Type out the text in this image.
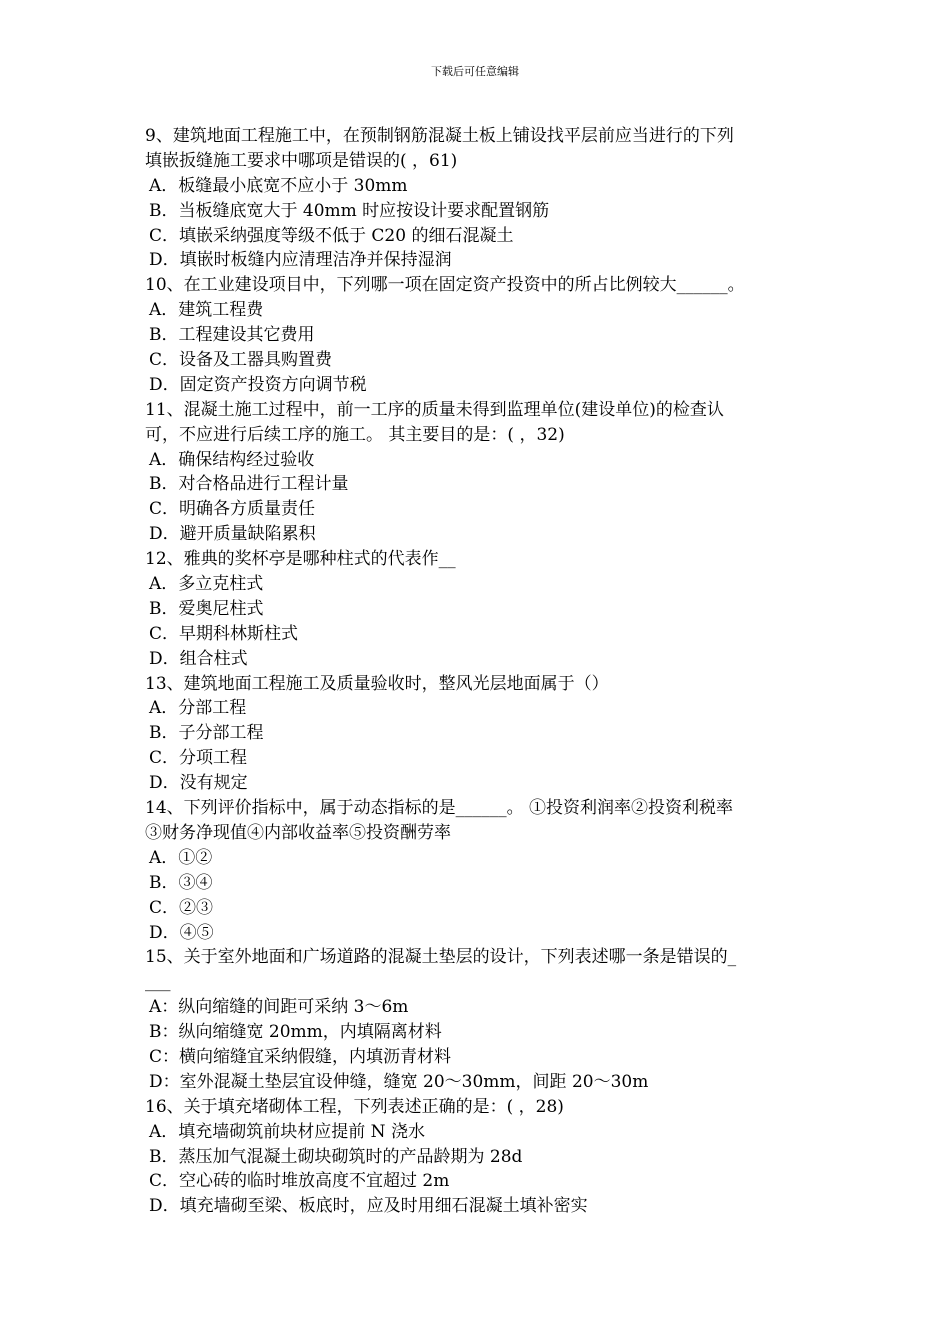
下载后可任意编辑
9、建筑地面工程施工中，在预制钢筋混凝土板上铺设找平层前应当进行的下列
填嵌扳缝施工要求中哪项是错误的( ，61)
A．板缝最小底宽不应小于 30mm
B．当板缝底宽大于 40mm 时应按设计要求配置钢筋
C．填嵌采纳强度等级不低于 C20 的细石混凝土
D．填嵌时板缝内应清理洁净并保持湿润
10、在工业建设项目中，下列哪一项在固定资产投资中的所占比例较大______。
A．建筑工程费
B．工程建设其它费用
C．设备及工器具购置费
D．固定资产投资方向调节税
11、混凝土施工过程中，前一工序的质量未得到监理单位(建设单位)的检查认
可，不应进行后续工序的施工。 其主要目的是：( ，32)
A．确保结构经过验收
B．对合格品进行工程计量
C．明确各方质量责任
D．避开质量缺陷累积
12、雅典的奖杯亭是哪种柱式的代表作__
A．多立克柱式
B．爱奥尼柱式
C．早期科林斯柱式
D．组合柱式
13、建筑地面工程施工及质量验收时，整风光层地面属于（）
A．分部工程
B．子分部工程
C．分项工程
D．没有规定
14、下列评价指标中，属于动态指标的是______。 ①投资利润率②投资利税率
③财务净现值④内部收益率⑤投资酬劳率
A．①②
B．③④
C．②③
D．④⑤
15、关于室外地面和广场道路的混凝土垫层的设计，下列表述哪一条是错误的_
___
A：纵向缩缝的间距可采纳 3～6m
B：纵向缩缝宽 20mm，内填隔离材料
C：横向缩缝宜采纳假缝，内填沥青材料
D：室外混凝土垫层宜设伸缝，缝宽 20～30mm，间距 20～30m
16、关于填充堵砌体工程，下列表述正确的是：( ，28)
A．填充墙砌筑前块材应提前 N 浇水
B．蒸压加气混凝土砌块砌筑时的产品龄期为 28d
C．空心砖的临时堆放高度不宜超过 2m
D．填充墙砌至梁、板底时，应及时用细石混凝土填补密实
